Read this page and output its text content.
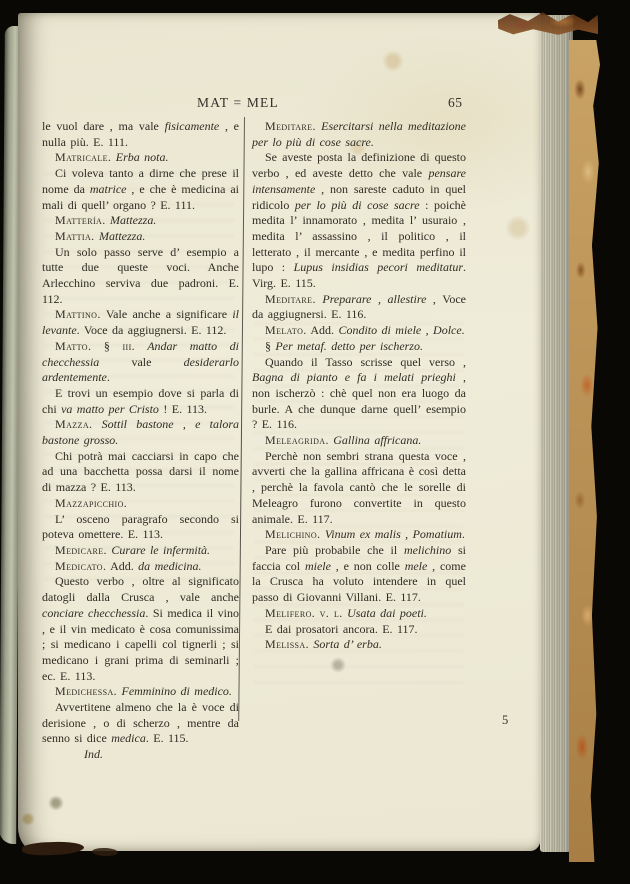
MAT = MEL	65

le vuol dare , ma vale fisicamente , e nulla più. E. 111.

Matricale. Erba nota.

Ci voleva tanto a dirne che prese il nome da matrice , e che è medicina ai mali di quell’ organo ? E. 111.

Mattería. Mattezza.

Mattia. Mattezza.

Un solo passo serve d’ esempio a tutte due queste voci. Anche Arlecchino serviva due padroni. E. 112.

Mattino. Vale anche a significare il levante. Voce da aggiugnersi. E. 112.

Matto. § iii. Andar matto di checchessia vale desiderarlo ardentemente.

E trovi un esempio dove si parla di chi va matto per Cristo ! E. 113.

Mazza. Sottil bastone , e talora bastone grosso.

Chi potrà mai cacciarsi in capo che ad una bacchetta possa darsi il nome di mazza ? E. 113.

Mazzapicchio.

L’ osceno paragrafo secondo si poteva omettere. E. 113.

Medicare. Curare le infermità.

Medicato. Add. da medicina.

Questo verbo , oltre al significato datogli dalla Crusca , vale anche conciare checchessia. Si medica il vino , e il vin medicato è cosa comunissima ; si medicano i capelli col tignerli ; si medicano i grani prima di seminarli ; ec. E. 113.

Medichessa. Femminino di medico.

Avvertitene almeno che la è voce di derisione , o di scherzo , mentre da senno si dice medica. E. 115.

Ind.

Meditare. Esercitarsi nella meditazione per lo più di cose sacre.

Se aveste posta la definizione di questo verbo , ed aveste detto che vale pensare intensamente , non sareste caduto in quel ridicolo per lo più di cose sacre : poichè medita l’ innamorato , medita l’ usuraio , medita l’ assassino , il politico , il letterato , il mercante , e medita perfino il lupo : Lupus insidias pecori meditatur. Virg. E. 115.

Meditare. Preparare , allestire , Voce da aggiugnersi. E. 116.

Melato. Add. Condito di miele , Dolce.

§ Per metaf. detto per ischerzo.

Quando il Tasso scrisse quel verso , Bagna di pianto e fa i melati prieghi , non ischerzò : chè quel non era luogo da burle. A che dunque darne quell’ esempio ? E. 116.

Meleagrida. Gallina affricana.

Perchè non sembri strana questa voce , avverti che la gallina affricana è così detta , perchè la favola cantò che le sorelle di Meleagro furono convertite in questo animale. E. 117.

Melichino. Vinum ex malis , Pomatium.

Pare più probabile che il melichino si faccia col miele , e non colle mele , come la Crusca ha voluto intendere in quel passo di Giovanni Villani. E. 117.

Melifero. v. l. Usata dai poeti.

E dai prosatori ancora. E. 117.

Melissa. Sorta d’ erba.

5
